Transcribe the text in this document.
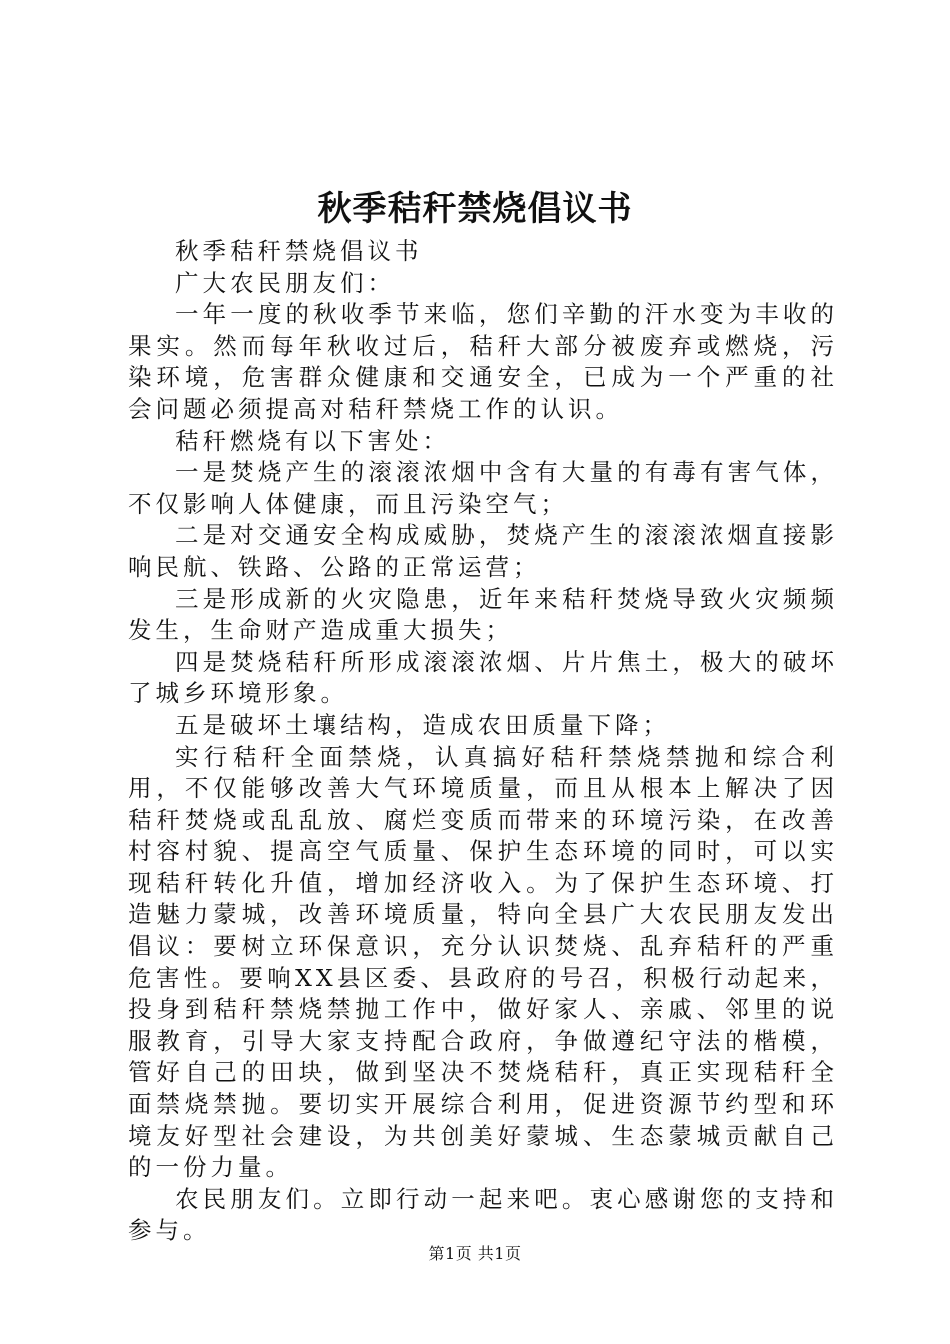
秋季秸秆禁烧倡议书

秋季秸秆禁烧倡议书

广大农民朋友们：

一年一度的秋收季节来临，您们辛勤的汗水变为丰收的果实。然而每年秋收过后，秸秆大部分被废弃或燃烧，污染环境，危害群众健康和交通安全，已成为一个严重的社会问题必须提高对秸秆禁烧工作的认识。

秸秆燃烧有以下害处：

一是焚烧产生的滚滚浓烟中含有大量的有毒有害气体，不仅影响人体健康，而且污染空气；

二是对交通安全构成威胁，焚烧产生的滚滚浓烟直接影响民航、铁路、公路的正常运营；

三是形成新的火灾隐患，近年来秸秆焚烧导致火灾频频发生，生命财产造成重大损失；

四是焚烧秸秆所形成滚滚浓烟、片片焦土，极大的破坏了城乡环境形象。

五是破坏土壤结构，造成农田质量下降；

实行秸秆全面禁烧，认真搞好秸秆禁烧禁抛和综合利用，不仅能够改善大气环境质量，而且从根本上解决了因秸秆焚烧或乱乱放、腐烂变质而带来的环境污染，在改善村容村貌、提高空气质量、保护生态环境的同时，可以实现秸秆转化升值，增加经济收入。为了保护生态环境、打造魅力蒙城，改善环境质量，特向全县广大农民朋友发出倡议：要树立环保意识，充分认识焚烧、乱弃秸秆的严重危害性。要响XX县区委、县政府的号召，积极行动起来，投身到秸秆禁烧禁抛工作中，做好家人、亲戚、邻里的说服教育，引导大家支持配合政府，争做遵纪守法的楷模，管好自己的田块，做到坚决不焚烧秸秆，真正实现秸秆全面禁烧禁抛。要切实开展综合利用，促进资源节约型和环境友好型社会建设，为共创美好蒙城、生态蒙城贡献自己的一份力量。

农民朋友们。立即行动一起来吧。衷心感谢您的支持和参与。

第1页 共1页
